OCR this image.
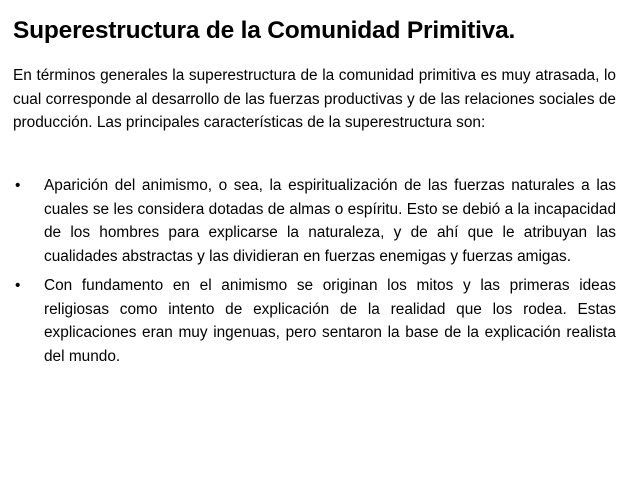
Superestructura de la Comunidad Primitiva.

En términos generales la superestructura de la comunidad primitiva es muy atrasada, lo cual corresponde al desarrollo de las fuerzas productivas y de las relaciones sociales de producción. Las principales características de la superestructura son:

• Aparición del animismo, o sea, la espiritualización de las fuerzas naturales a las cuales se les considera dotadas de almas o espíritu. Esto se debió a la incapacidad de los hombres para explicarse la naturaleza, y de ahí que le atribuyan las cualidades abstractas y las dividieran en fuerzas enemigas y fuerzas amigas.
• Con fundamento en el animismo se originan los mitos y las primeras ideas religiosas como intento de explicación de la realidad que los rodea. Estas explicaciones eran muy ingenuas, pero sentaron la base de la explicación realista del mundo.
